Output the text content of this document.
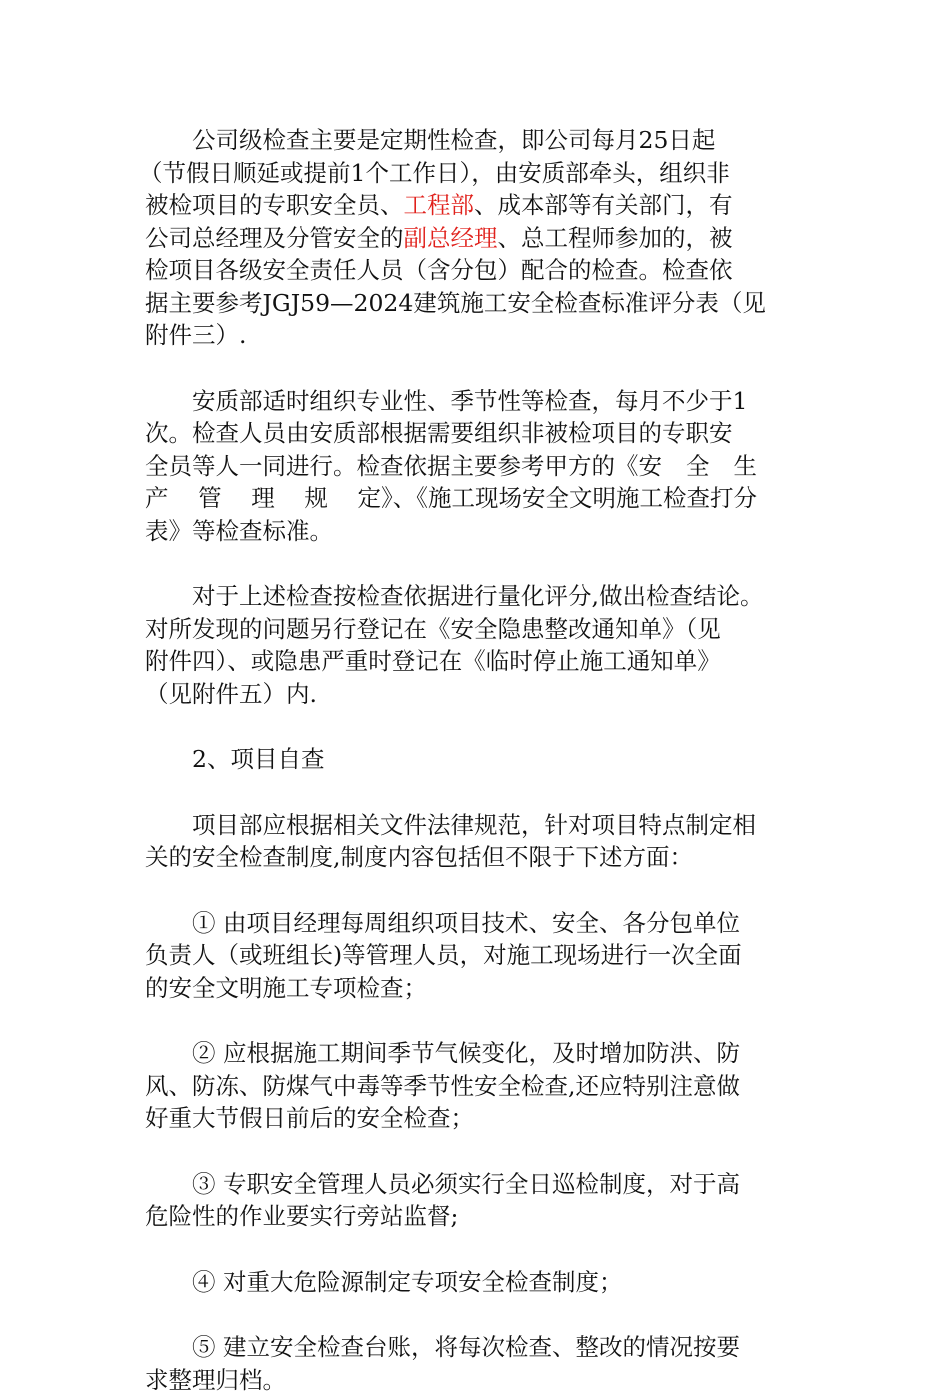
公司级检查主要是定期性检查，即公司每月25日起
（节假日顺延或提前1个工作日），由安质部牵头，组织非
被检项目的专职安全员、工程部、成本部等有关部门，有
公司总经理及分管安全的副总经理、总工程师参加的，被
检项目各级安全责任人员（含分包）配合的检查。检查依
据主要参考JGJ59—2024建筑施工安全检查标准评分表（见
附件三）.
安质部适时组织专业性、季节性等检查，每月不少于1
次。检查人员由安质部根据需要组织非被检项目的专职安
全员等人一同进行。检查依据主要参考甲方的《安 全 生
产 管 理 规 定》、《施工现场安全文明施工检查打分
表》等检查标准。
对于上述检查按检查依据进行量化评分,做出检查结论。
对所发现的问题另行登记在《安全隐患整改通知单》（见
附件四）、或隐患严重时登记在《临时停止施工通知单》
（见附件五）内.
2、项目自查
项目部应根据相关文件法律规范，针对项目特点制定相
关的安全检查制度,制度内容包括但不限于下述方面：
① 由项目经理每周组织项目技术、安全、各分包单位
负责人（或班组长)等管理人员，对施工现场进行一次全面
的安全文明施工专项检查；
② 应根据施工期间季节气候变化，及时增加防洪、防
风、防冻、防煤气中毒等季节性安全检查,还应特别注意做
好重大节假日前后的安全检查；
③ 专职安全管理人员必须实行全日巡检制度，对于高
危险性的作业要实行旁站监督;
④ 对重大危险源制定专项安全检查制度；
⑤ 建立安全检查台账，将每次检查、整改的情况按要
求整理归档。
